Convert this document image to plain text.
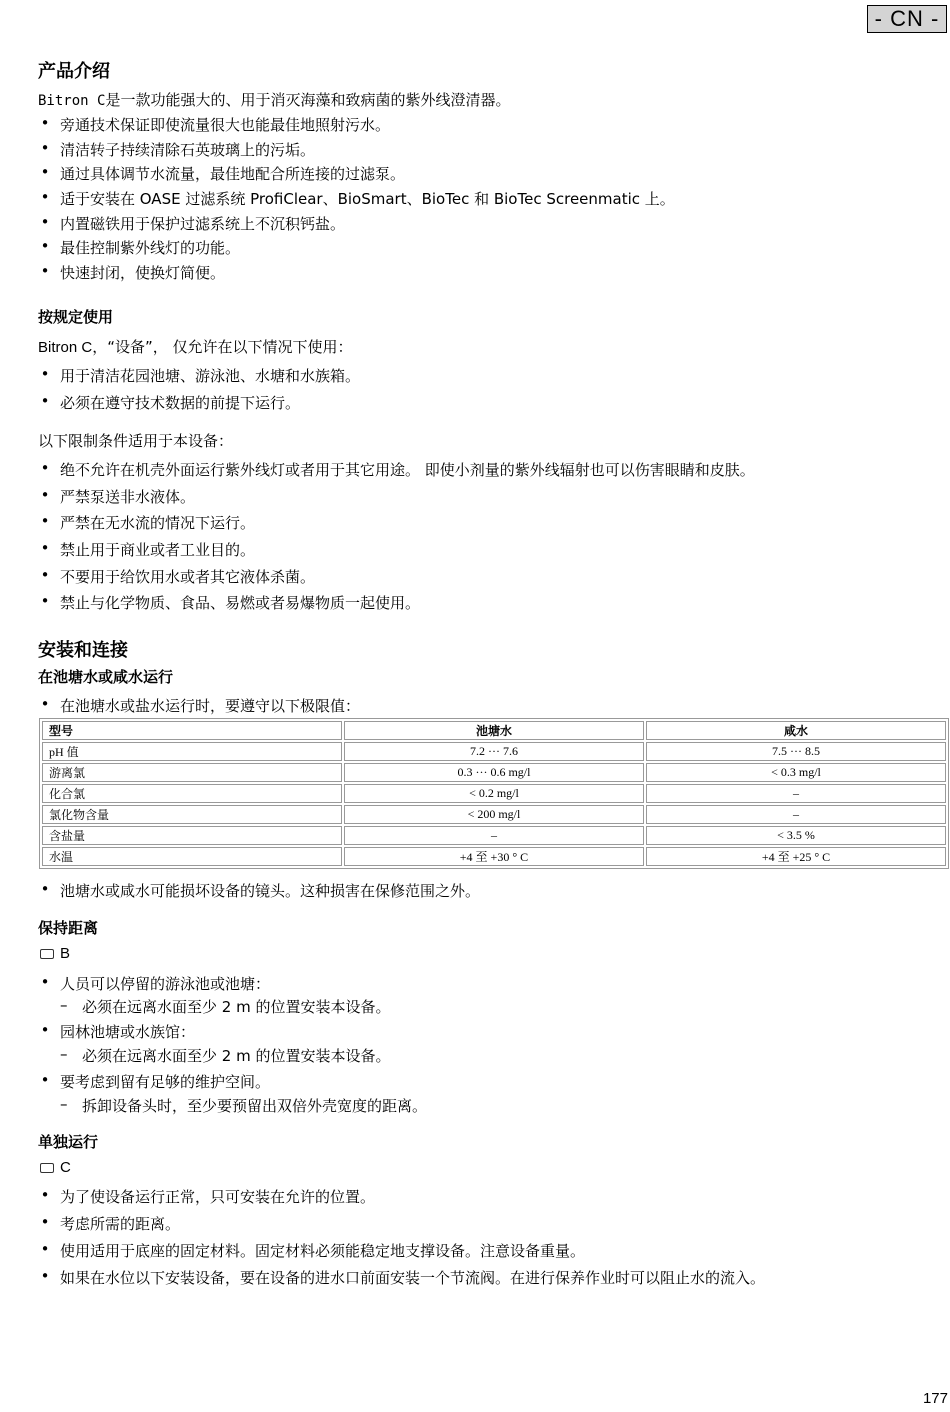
- CN -
产品介绍
Bitron C是一款功能强大的、用于消灭海藻和致病菌的紫外线澄清器。
• 旁通技术保证即使流量很大也能最佳地照射污水。
• 清洁转子持续清除石英玻璃上的污垢。
• 通过具体调节水流量，最佳地配合所连接的过滤泵。
• 适于安装在 OASE 过滤系统 ProfiClear、BioSmart、BioTec 和 BioTec Screenmatic 上。
• 内置磁铁用于保护过滤系统上不沉积钙盐。
• 最佳控制紫外线灯的功能。
• 快速封闭，使换灯简便。
按规定使用
Bitron C，“设备”， 仅允许在以下情况下使用：
• 用于清洁花园池塘、游泳池、水塘和水族箱。
• 必须在遵守技术数据的前提下运行。
以下限制条件适用于本设备：
• 绝不允许在机壳外面运行紫外线灯或者用于其它用途。 即使小剂量的紫外线辐射也可以伤害眼睛和皮肤。
• 严禁泵送非水液体。
• 严禁在无水流的情况下运行。
• 禁止用于商业或者工业目的。
• 不要用于给饮用水或者其它液体杀菌。
• 禁止与化学物质、食品、易燃或者易爆物质一起使用。
安装和连接
在池塘水或咸水运行
• 在池塘水或盐水运行时，要遵守以下极限值：
型号	池塘水	咸水
pH 值	7.2 ··· 7.6	7.5 ··· 8.5
游离氯	0.3 ··· 0.6 mg/l	< 0.3 mg/l
化合氯	< 0.2 mg/l	–
氯化物含量	< 200 mg/l	–
含盐量	–	< 3.5 %
水温	+4 至 +30 ° C	+4 至 +25 ° C
• 池塘水或咸水可能损坏设备的镜头。这种损害在保修范围之外。
保持距离
B
• 人员可以停留的游泳池或池塘：
– 必须在远离水面至少 2 m 的位置安装本设备。
• 园林池塘或水族馆：
– 必须在远离水面至少 2 m 的位置安装本设备。
• 要考虑到留有足够的维护空间。
– 拆卸设备头时，至少要预留出双倍外壳宽度的距离。
单独运行
C
• 为了使设备运行正常，只可安装在允许的位置。
• 考虑所需的距离。
• 使用适用于底座的固定材料。固定材料必须能稳定地支撑设备。注意设备重量。
• 如果在水位以下安装设备，要在设备的进水口前面安装一个节流阀。在进行保养作业时可以阻止水的流入。
177
